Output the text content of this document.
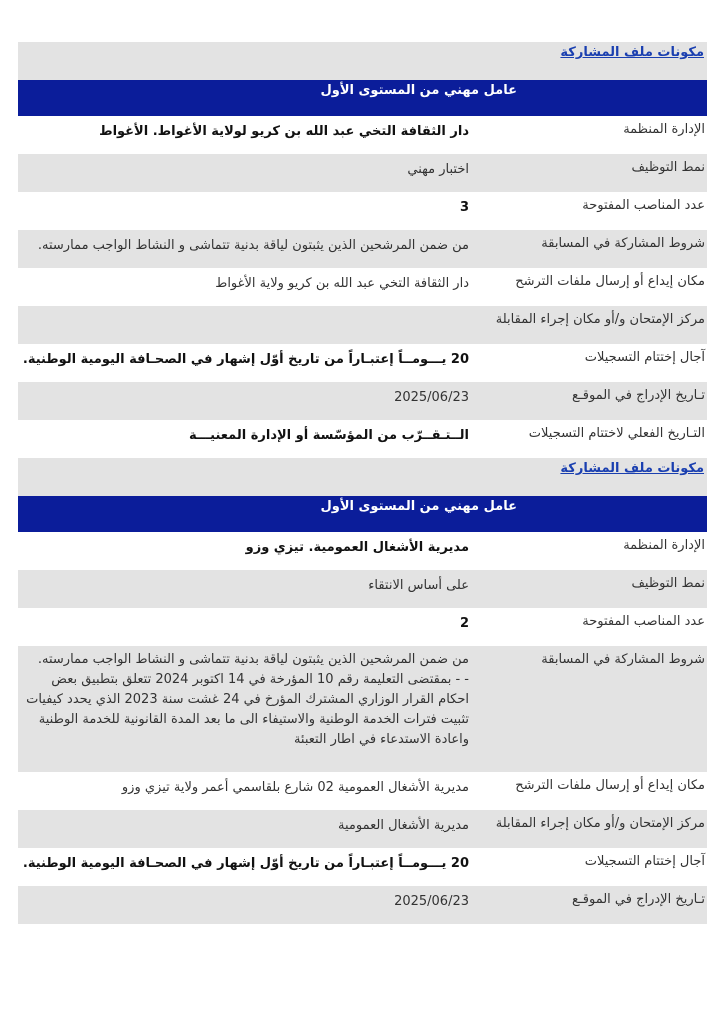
مكونات ملف المشاركة
عامل مهني من المستوى الأول
الإدارة المنظمة
دار الثقافة التخي عبد الله بن كريو لولاية الأغواط. الأغواط
نمط التوظيف
اختبار مهني
عدد المناصب المفتوحة
3
شروط المشاركة في المسابقة
من ضمن المرشحين الذين يثبتون لياقة بدنية تتماشى و النشاط الواجب ممارسته.
مكان إيداع أو إرسال ملفات الترشح
دار الثقافة التخي عبد الله بن كريو ولاية الأغواط
مركز الإمتحان و/أو مكان إجراء المقابلة
آجال إختتام التسجيلات
20 يـــومــاً إعتبـاراً من تاريخ أوّل إشهار في الصحـافة اليومية الوطنية.
تـاريخ الإدراج في الموقـع
2025/06/23
التـاريخ الفعلي لاختتام التسجيلات
الــتـقــرّب من المؤسّسة أو الإدارة المعنيـــة
مكونات ملف المشاركة
عامل مهني من المستوى الأول
الإدارة المنظمة
مديرية الأشغال العمومية. تيزي وزو
نمط التوظيف
على أساس الانتقاء
عدد المناصب المفتوحة
2
شروط المشاركة في المسابقة
من ضمن المرشحين الذين يثبتون لياقة بدنية تتماشى و النشاط الواجب ممارسته.
- - بمقتضى التعليمة رقم 10 المؤرخة في 14 اكتوبر 2024 تتعلق بتطبيق بعض
احكام القرار الوزاري المشترك المؤرخ في 24 غشت سنة 2023 الذي يحدد كيفيات
تثبيت فترات الخدمة الوطنية والاستيفاء الى ما بعد المدة القانونية للخدمة الوطنية
واعادة الاستدعاء في اطار التعبئة
مكان إيداع أو إرسال ملفات الترشح
مديرية الأشغال العمومية 02 شارع بلقاسمي أعمر ولاية تيزي وزو
مركز الإمتحان و/أو مكان إجراء المقابلة
مديرية الأشغال العمومية
آجال إختتام التسجيلات
20 يـــومــاً إعتبـاراً من تاريخ أوّل إشهار في الصحـافة اليومية الوطنية.
تـاريخ الإدراج في الموقـع
2025/06/23
